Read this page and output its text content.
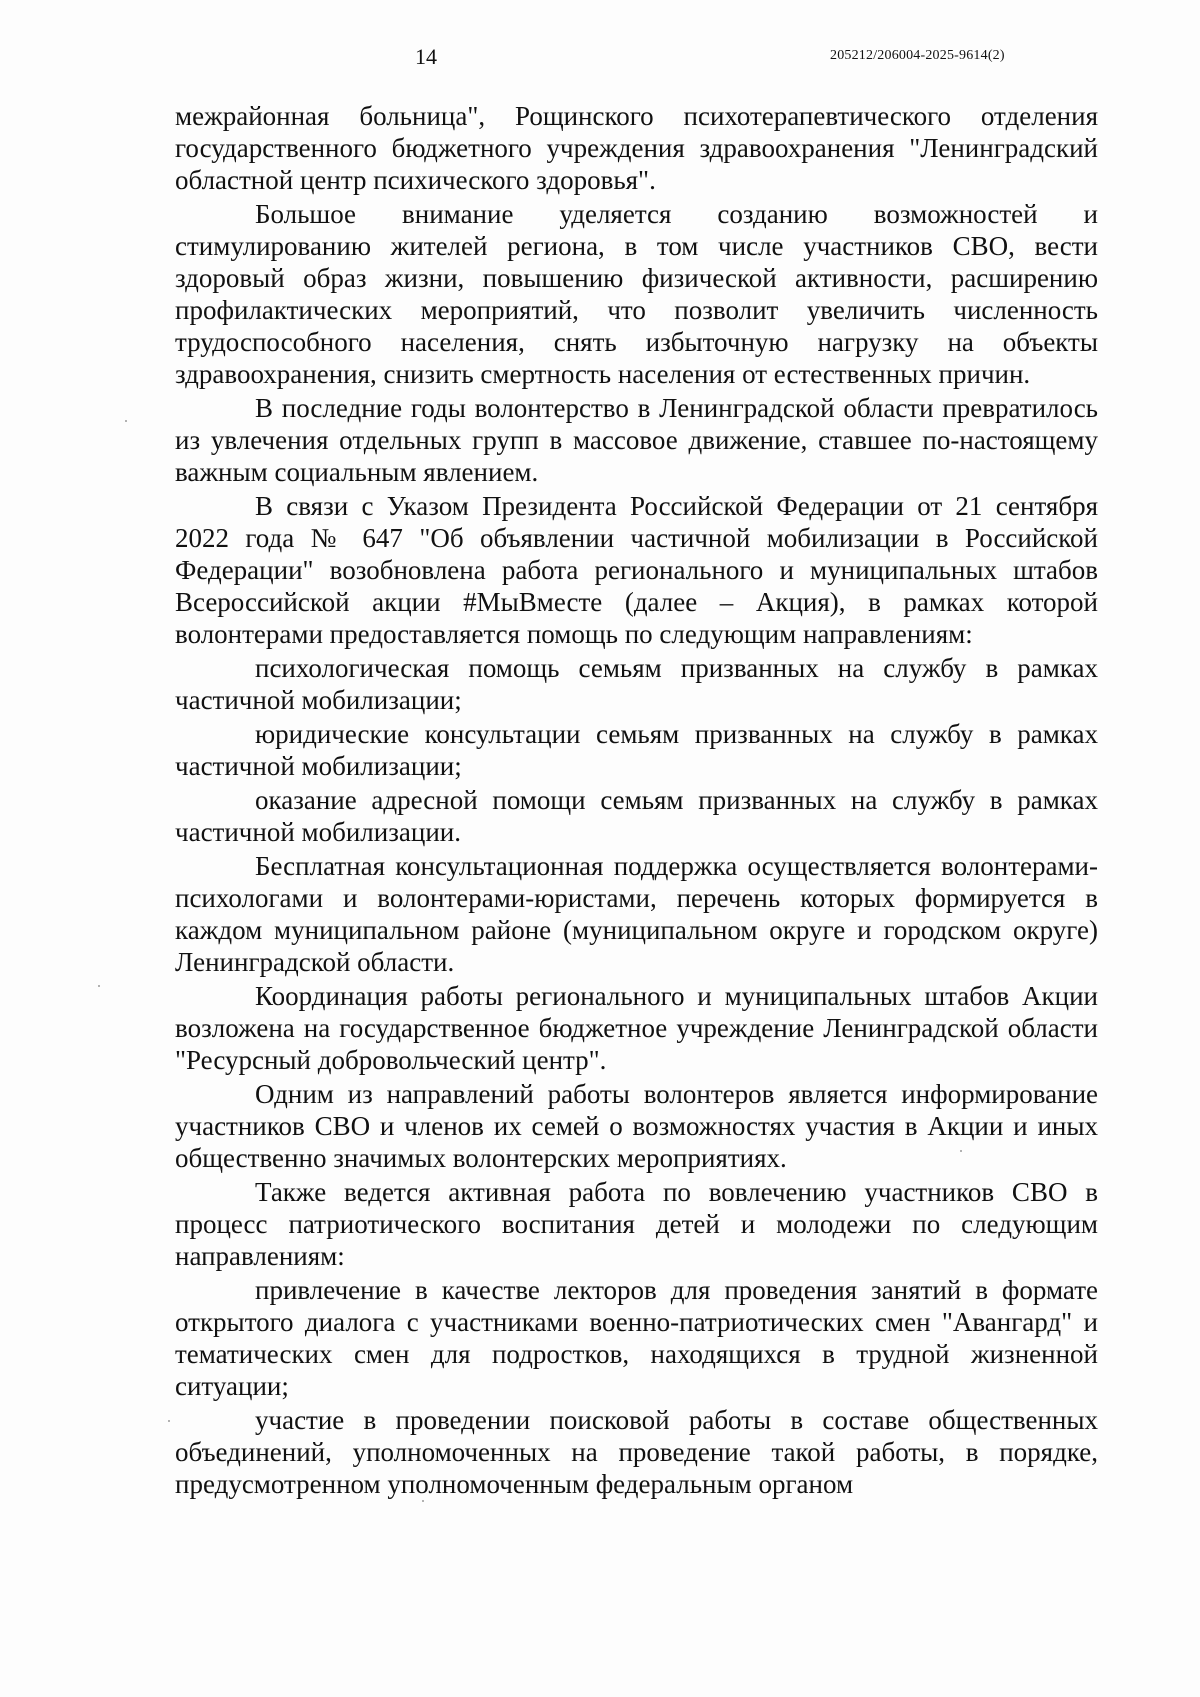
14	205212/206004-2025-9614(2)

межрайонная больница", Рощинского психотерапевтического отделения государственного бюджетного учреждения здравоохранения "Ленинградский областной центр психического здоровья".

Большое внимание уделяется созданию возможностей и стимулированию жителей региона, в том числе участников СВО, вести здоровый образ жизни, повышению физической активности, расширению профилактических мероприятий, что позволит увеличить численность трудоспособного населения, снять избыточную нагрузку на объекты здравоохранения, снизить смертность населения от естественных причин.

В последние годы волонтерство в Ленинградской области превратилось из увлечения отдельных групп в массовое движение, ставшее по-настоящему важным социальным явлением.

В связи с Указом Президента Российской Федерации от 21 сентября 2022 года № 647 "Об объявлении частичной мобилизации в Российской Федерации" возобновлена работа регионального и муниципальных штабов Всероссийской акции #МыВместе (далее – Акция), в рамках которой волонтерами предоставляется помощь по следующим направлениям:

психологическая помощь семьям призванных на службу в рамках частичной мобилизации;

юридические консультации семьям призванных на службу в рамках частичной мобилизации;

оказание адресной помощи семьям призванных на службу в рамках частичной мобилизации.

Бесплатная консультационная поддержка осуществляется волонтерами-психологами и волонтерами-юристами, перечень которых формируется в каждом муниципальном районе (муниципальном округе и городском округе) Ленинградской области.

Координация работы регионального и муниципальных штабов Акции возложена на государственное бюджетное учреждение Ленинградской области "Ресурсный добровольческий центр".

Одним из направлений работы волонтеров является информирование участников СВО и членов их семей о возможностях участия в Акции и иных общественно значимых волонтерских мероприятиях.

Также ведется активная работа по вовлечению участников СВО в процесс патриотического воспитания детей и молодежи по следующим направлениям:

привлечение в качестве лекторов для проведения занятий в формате открытого диалога с участниками военно-патриотических смен "Авангард" и тематических смен для подростков, находящихся в трудной жизненной ситуации;

участие в проведении поисковой работы в составе общественных объединений, уполномоченных на проведение такой работы, в порядке, предусмотренном уполномоченным федеральным органом
